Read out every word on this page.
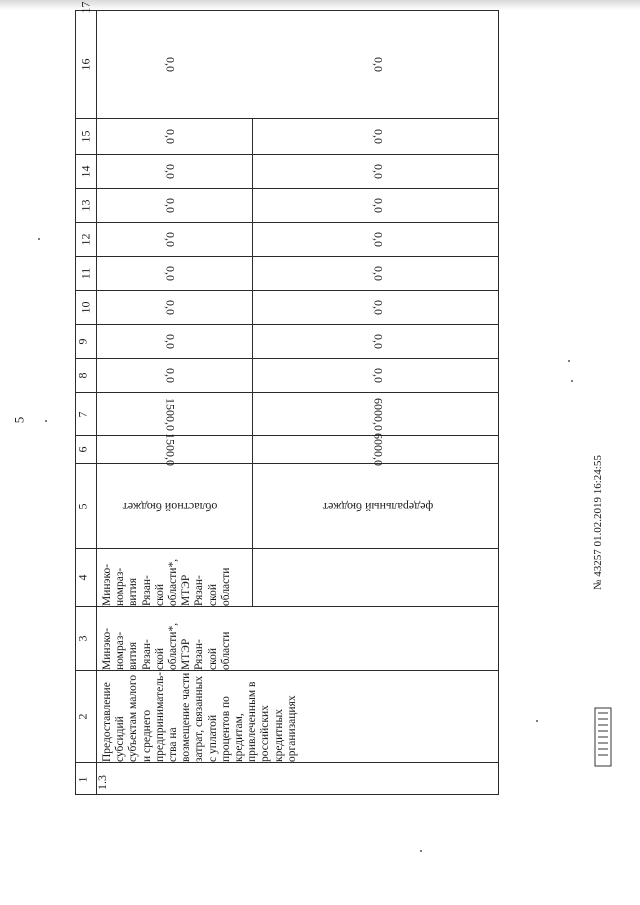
5
1
2
3
4
5
6
7
8
9
10
11
12
13
14
15
16
17
1.3
Предоставление субсидий субъектам малого и среднего предприниматель- ства на возмещение части затрат, связанных с уплатой процентов по кредитам, привлеченным в российских кредитных организациях
Минэко- номраз- вития Рязан- ской области*, МТЭР Рязан- ской области
Минэко- номраз- вития Рязан- ской области*, МТЭР Рязан- ской области
областной бюджет
1500,0
1500,0
0,0
0,0
0,0
0,0
0,0
0,0
0,0
0,0
0,0
федеральный бюджет
6000,0
6000,0
0,0
0,0
0,0
0,0
0,0
0,0
0,0
0,0
0,0
№ 43257 01.02.2019 16:24:55
